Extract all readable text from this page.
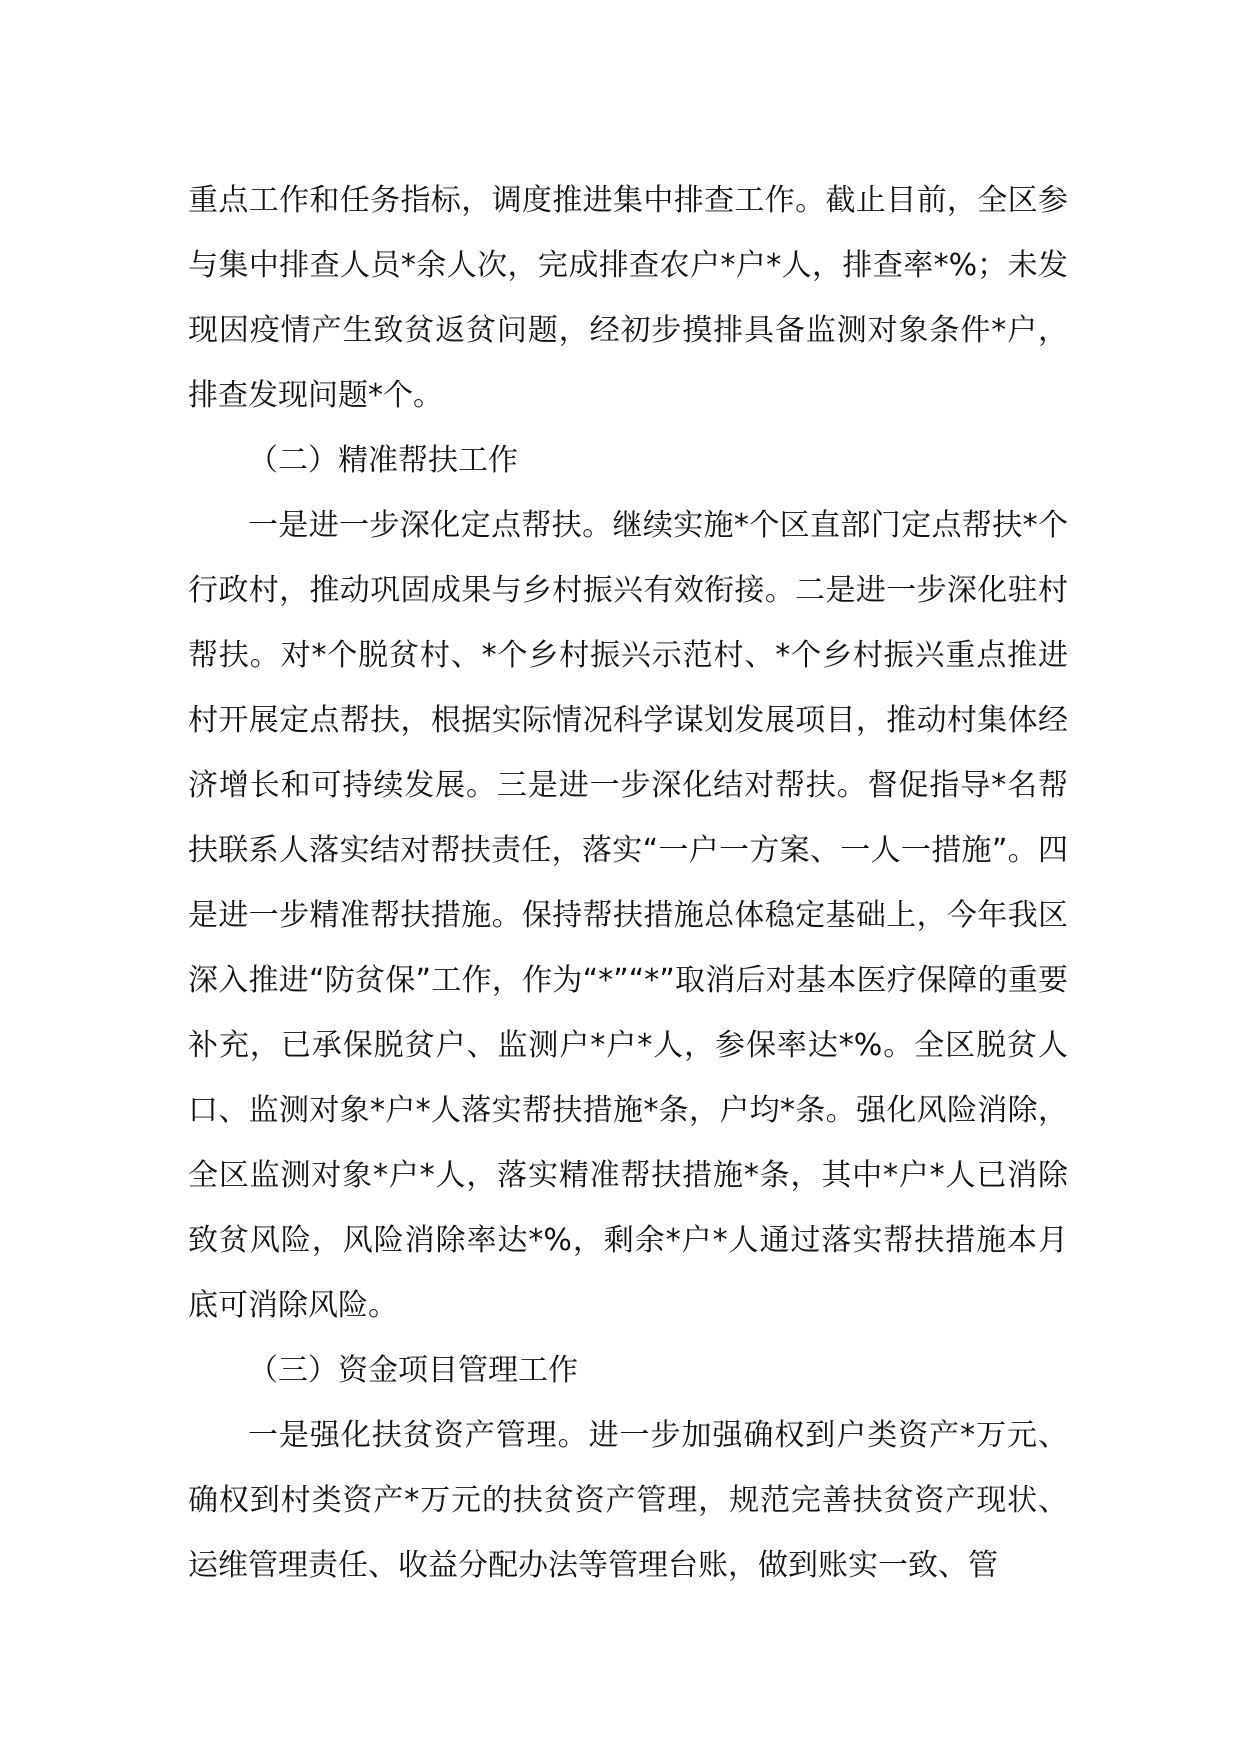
重点工作和任务指标，调度推进集中排查工作。截止目前，全区参与集中排查人员*余人次，完成排查农户*户*人，排查率*%；未发现因疫情产生致贫返贫问题，经初步摸排具备监测对象条件*户，排查发现问题*个。

（二）精准帮扶工作

一是进一步深化定点帮扶。继续实施*个区直部门定点帮扶*个行政村，推动巩固成果与乡村振兴有效衔接。二是进一步深化驻村帮扶。对*个脱贫村、*个乡村振兴示范村、*个乡村振兴重点推进村开展定点帮扶，根据实际情况科学谋划发展项目，推动村集体经济增长和可持续发展。三是进一步深化结对帮扶。督促指导*名帮扶联系人落实结对帮扶责任，落实“一户一方案、一人一措施”。四是进一步精准帮扶措施。保持帮扶措施总体稳定基础上，今年我区深入推进“防贫保”工作，作为“*”“*”取消后对基本医疗保障的重要补充，已承保脱贫户、监测户*户*人，参保率达*%。全区脱贫人口、监测对象*户*人落实帮扶措施*条，户均*条。强化风险消除，全区监测对象*户*人，落实精准帮扶措施*条，其中*户*人已消除致贫风险，风险消除率达*%，剩余*户*人通过落实帮扶措施本月底可消除风险。

（三）资金项目管理工作

一是强化扶贫资产管理。进一步加强确权到户类资产*万元、确权到村类资产*万元的扶贫资产管理，规范完善扶贫资产现状、运维管理责任、收益分配办法等管理台账，做到账实一致、管
